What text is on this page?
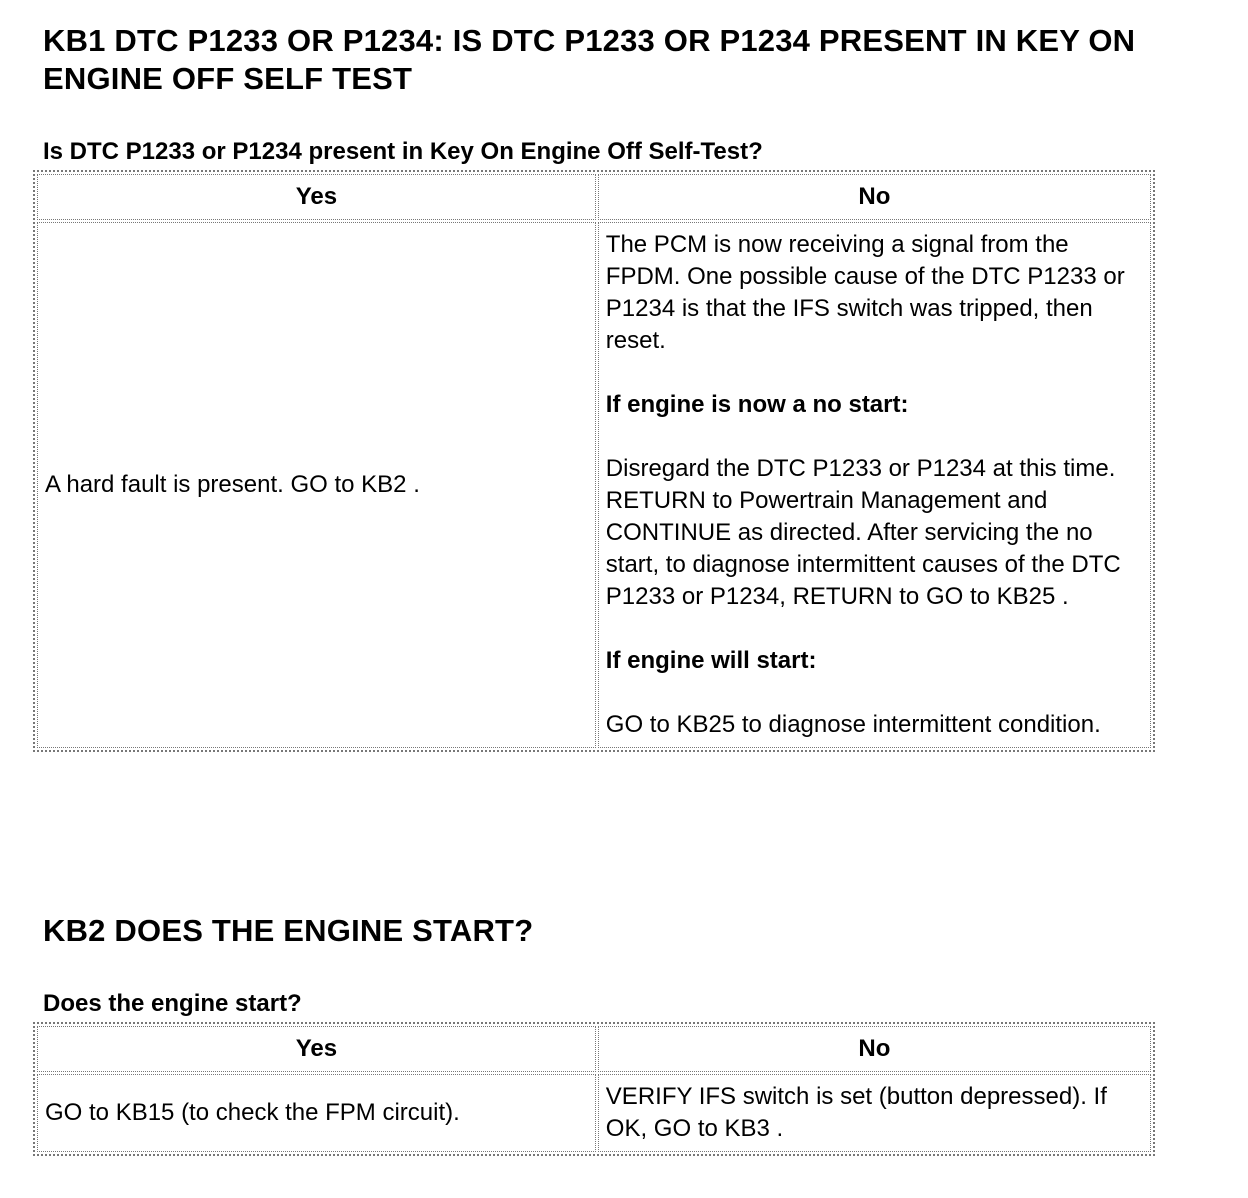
KB1 DTC P1233 OR P1234: IS DTC P1233 OR P1234 PRESENT IN KEY ON ENGINE OFF SELF TEST
Is DTC P1233 or P1234 present in Key On Engine Off Self-Test?
Yes	No
A hard fault is present. GO to KB2 .	The PCM is now receiving a signal from the FPDM. One possible cause of the DTC P1233 or P1234 is that the IFS switch was tripped, then reset.

If engine is now a no start:

Disregard the DTC P1233 or P1234 at this time. RETURN to Powertrain Management and CONTINUE as directed. After servicing the no start, to diagnose intermittent causes of the DTC P1233 or P1234, RETURN to GO to KB25 .

If engine will start:

GO to KB25 to diagnose intermittent condition.

KB2 DOES THE ENGINE START?
Does the engine start?
Yes	No
GO to KB15 (to check the FPM circuit).	VERIFY IFS switch is set (button depressed). If OK, GO to KB3 .
